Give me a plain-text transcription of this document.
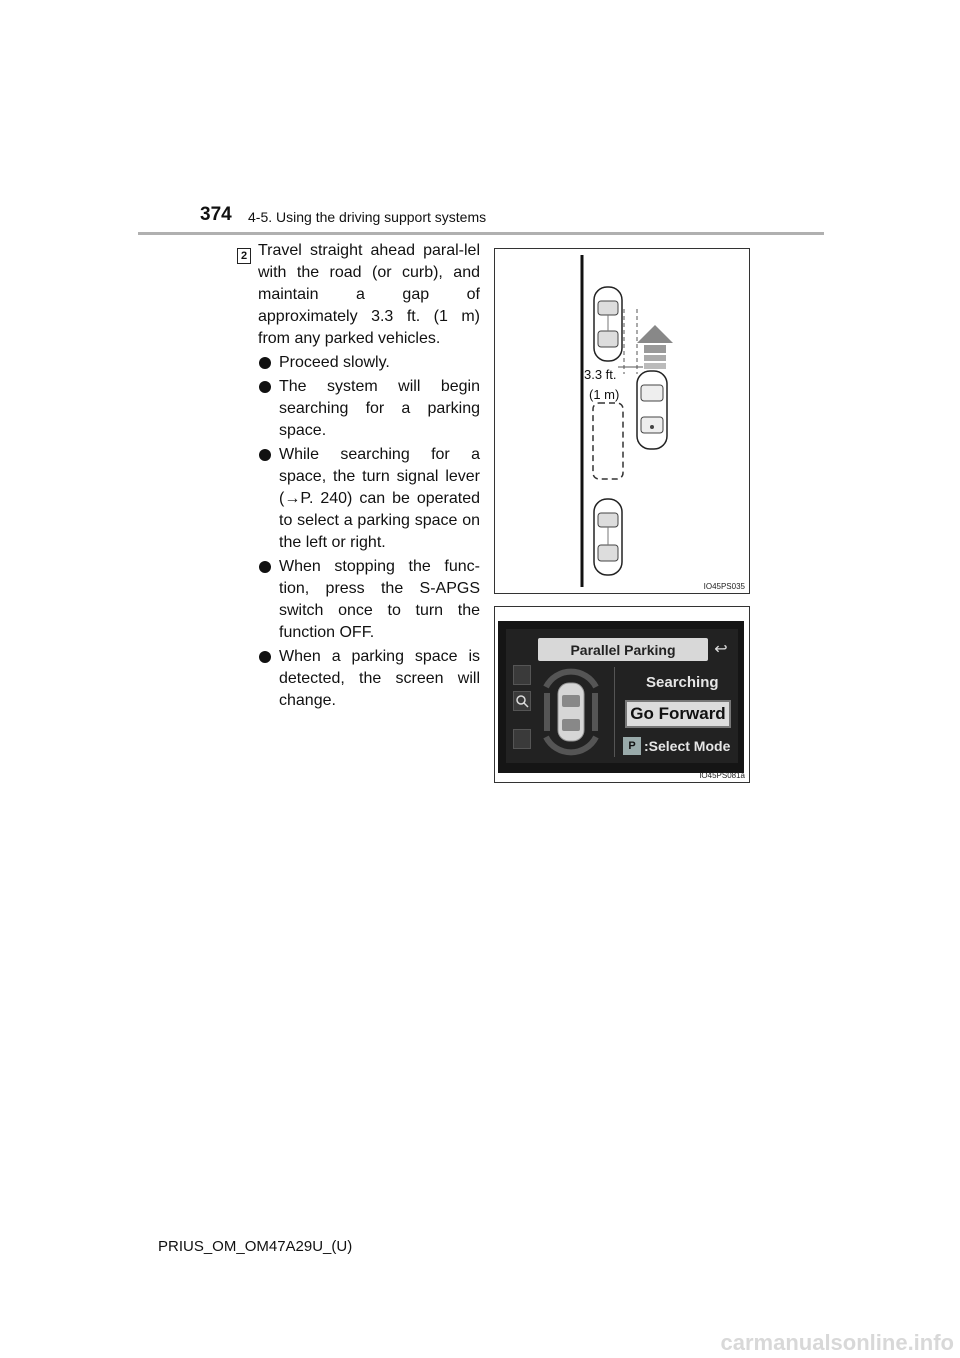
374 4-5. Using the driving support systems
2 Travel straight ahead paral-lel with the road (or curb), and maintain a gap of approximately 3.3 ft. (1 m) from any parked vehicles.

Proceed slowly.
The system will begin searching for a parking space.
While searching for a space, the turn signal lever (→P. 240) can be operated to select a parking space on the left or right.
When stopping the func-tion, press the S-APGS switch once to turn the function OFF.
When a parking space is detected, the screen will change.
3.3 ft.
(1 m)
IO45PS035
Parallel Parking	↩
Searching
Go Forward
P :Select Mode
IO45PS081a
PRIUS_OM_OM47A29U_(U)
carmanualsonline.info
